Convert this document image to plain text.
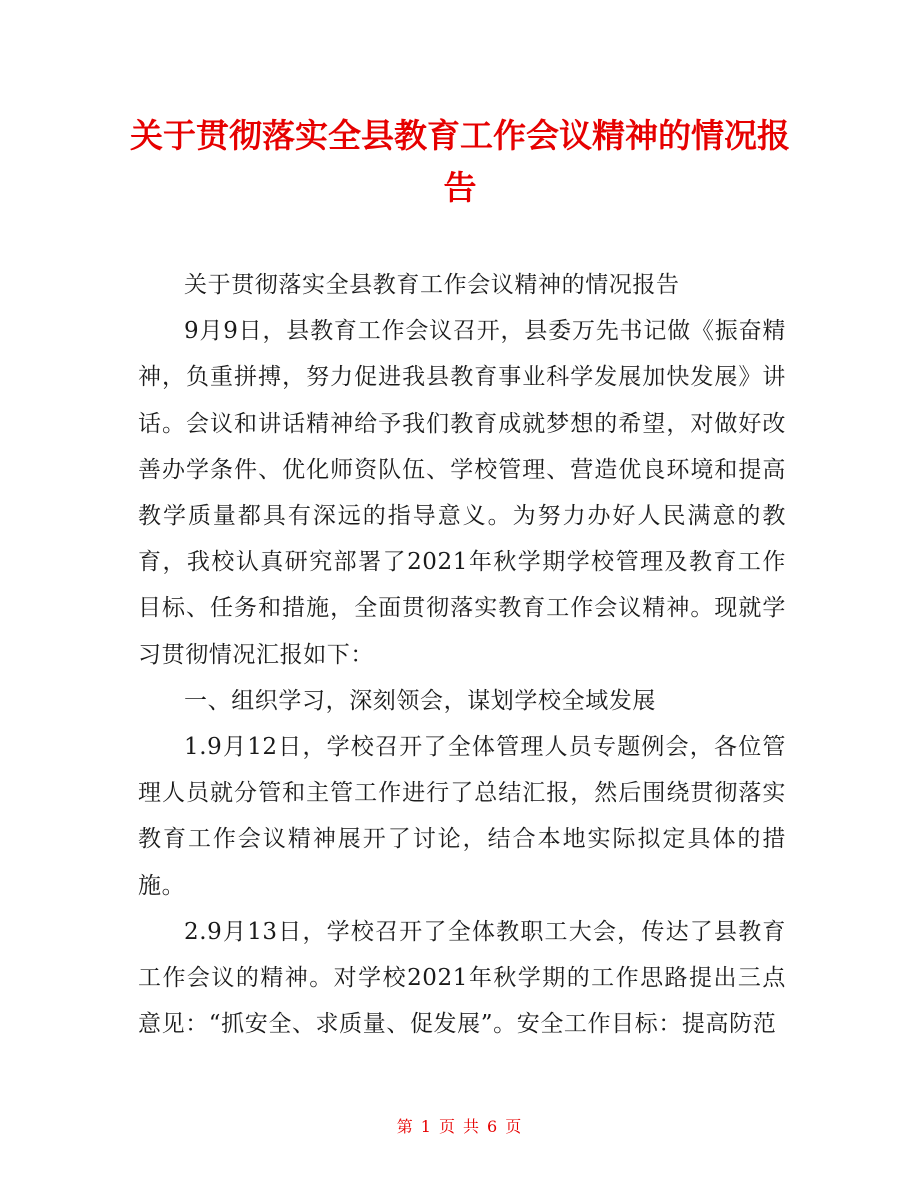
关于贯彻落实全县教育工作会议精神的情况报告

关于贯彻落实全县教育工作会议精神的情况报告

9月9日，县教育工作会议召开，县委万先书记做《振奋精神，负重拼搏，努力促进我县教育事业科学发展加快发展》讲话。会议和讲话精神给予我们教育成就梦想的希望，对做好改善办学条件、优化师资队伍、学校管理、营造优良环境和提高教学质量都具有深远的指导意义。为努力办好人民满意的教育，我校认真研究部署了2021年秋学期学校管理及教育工作目标、任务和措施，全面贯彻落实教育工作会议精神。现就学习贯彻情况汇报如下：

一、组织学习，深刻领会，谋划学校全域发展

1.9月12日，学校召开了全体管理人员专题例会，各位管理人员就分管和主管工作进行了总结汇报，然后围绕贯彻落实教育工作会议精神展开了讨论，结合本地实际拟定具体的措施。

2.9月13日，学校召开了全体教职工大会，传达了县教育工作会议的精神。对学校2021年秋学期的工作思路提出三点意见：“抓安全、求质量、促发展”。安全工作目标：提高防范

第 1 页 共 6 页
